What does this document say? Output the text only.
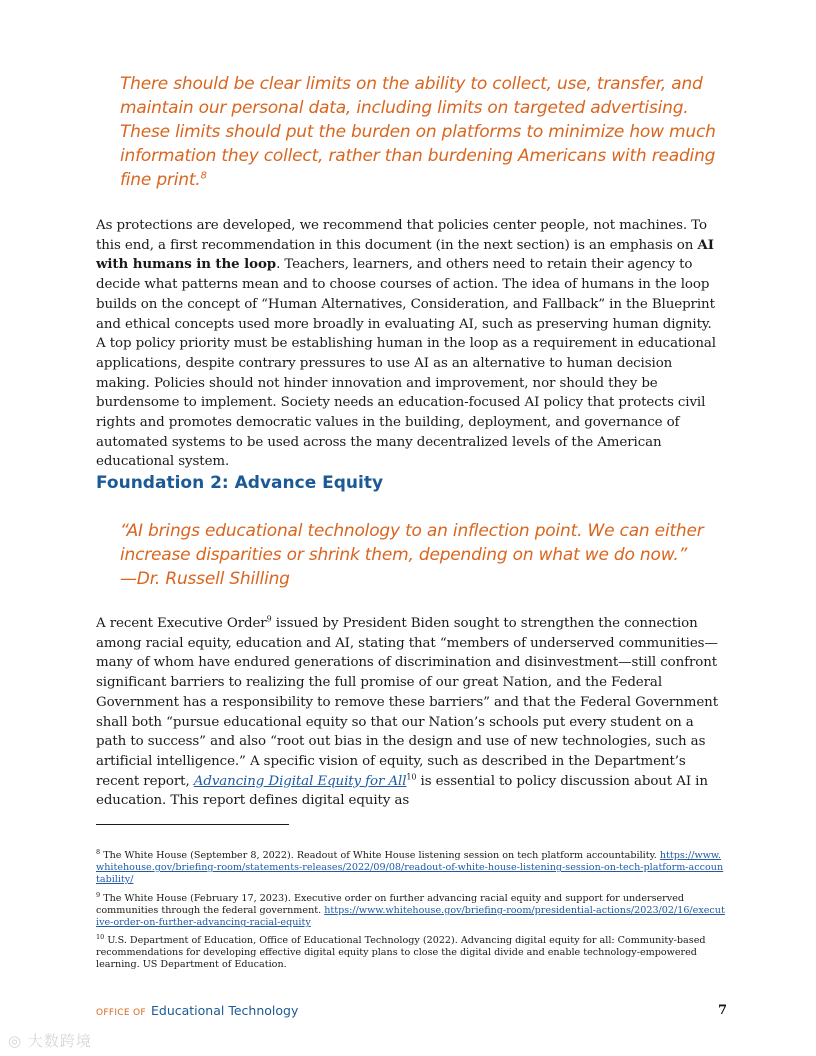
There should be clear limits on the ability to collect, use, transfer, and maintain our personal data, including limits on targeted advertising. These limits should put the burden on platforms to minimize how much information they collect, rather than burdening Americans with reading fine print.$^8$
As protections are developed, we recommend that policies center people, not machines. To this end, a first recommendation in this document (in the next section) is an emphasis on AI with humans in the loop. Teachers, learners, and others need to retain their agency to decide what patterns mean and to choose courses of action. The idea of humans in the loop builds on the concept of “Human Alternatives, Consideration, and Fallback” in the Blueprint and ethical concepts used more broadly in evaluating AI, such as preserving human dignity. A top policy priority must be establishing human in the loop as a requirement in educational applications, despite contrary pressures to use AI as an alternative to human decision making. Policies should not hinder innovation and improvement, nor should they be burdensome to implement. Society needs an education-focused AI policy that protects civil rights and promotes democratic values in the building, deployment, and governance of automated systems to be used across the many decentralized levels of the American educational system.
Foundation 2: Advance Equity
“AI brings educational technology to an inflection point. We can either increase disparities or shrink them, depending on what we do now.”
—Dr. Russell Shilling
A recent Executive Order$^9$ issued by President Biden sought to strengthen the connection among racial equity, education and AI, stating that “members of underserved communities—many of whom have endured generations of discrimination and disinvestment—still confront significant barriers to realizing the full promise of our great Nation, and the Federal Government has a responsibility to remove these barriers” and that the Federal Government shall both “pursue educational equity so that our Nation’s schools put every student on a path to success” and also “root out bias in the design and use of new technologies, such as artificial intelligence.” A specific vision of equity, such as described in the Department’s recent report, Advancing Digital Equity for All$^{10}$ is essential to policy discussion about AI in education. This report defines digital equity as
$^8$ The White House (September 8, 2022). Readout of White House listening session on tech platform accountability. https://www.whitehouse.gov/briefing-room/statements-releases/2022/09/08/readout-of-white-house-listening-session-on-tech-platform-accountability/
$^9$ The White House (February 17, 2023). Executive order on further advancing racial equity and support for underserved communities through the federal government. https://www.whitehouse.gov/briefing-room/presidential-actions/2023/02/16/executive-order-on-further-advancing-racial-equity
$^{10}$ U.S. Department of Education, Office of Educational Technology (2022). Advancing digital equity for all: Community-based recommendations for developing effective digital equity plans to close the digital divide and enable technology-empowered learning. US Department of Education.
OFFICE OF Educational Technology	7
◎ 大数跨境
